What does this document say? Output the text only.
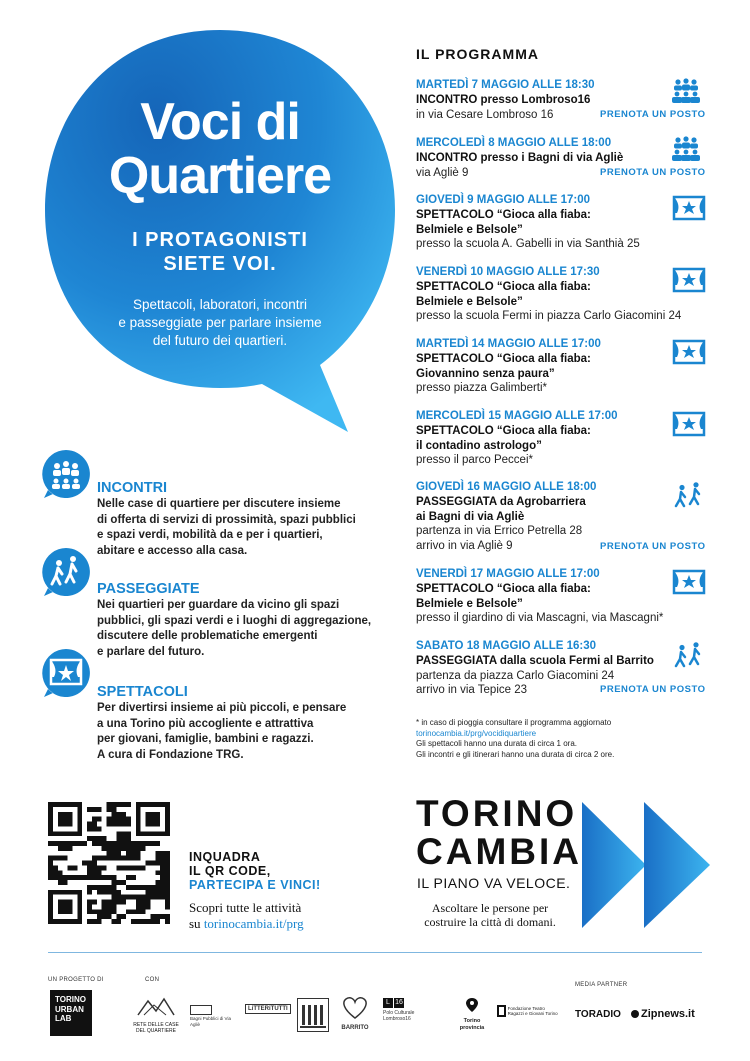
Voci di
Quartiere
I PROTAGONISTI
SIETE VOI.
Spettacoli, laboratori, incontri
e passeggiate per parlare insieme
del futuro dei quartieri.
INCONTRI
Nelle case di quartiere per discutere insieme
di offerta di servizi di prossimità, spazi pubblici
e spazi verdi, mobilità da e per i quartieri,
abitare e accesso alla casa.
PASSEGGIATE
Nei quartieri per guardare da vicino gli spazi
pubblici, gli spazi verdi e i luoghi di aggregazione,
discutere delle problematiche emergenti
e parlare del futuro.
SPETTACOLI
Per divertirsi insieme ai più piccoli, e pensare
a una Torino più accogliente e attrattiva
per giovani, famiglie, bambini e ragazzi.
A cura di Fondazione TRG.
IL PROGRAMMA
MARTEDÌ 7 MAGGIO ALLE 18:30
INCONTRO presso Lombroso16
in via Cesare Lombroso 16
MERCOLEDÌ 8 MAGGIO ALLE 18:00
INCONTRO presso i Bagni di via Agliè
via Agliè 9
GIOVEDÌ 9 MAGGIO ALLE 17:00
SPETTACOLO “Gioca alla fiaba:
Belmiele e Belsole”
presso la scuola A. Gabelli in via Santhià 25
VENERDÌ 10 MAGGIO ALLE 17:30
SPETTACOLO “Gioca alla fiaba:
Belmiele e Belsole”
presso la scuola Fermi in piazza Carlo Giacomini 24
MARTEDÌ 14 MAGGIO ALLE 17:00
SPETTACOLO “Gioca alla fiaba:
Giovannino senza paura”
presso piazza Galimberti*
MERCOLEDÌ 15 MAGGIO ALLE 17:00
SPETTACOLO “Gioca alla fiaba:
il contadino astrologo”
presso il parco Peccei*
GIOVEDÌ 16 MAGGIO ALLE 18:00
PASSEGGIATA da Agrobarriera
ai Bagni di via Agliè
partenza in via Errico Petrella 28
arrivo in via Agliè 9
VENERDÌ 17 MAGGIO ALLE 17:00
SPETTACOLO “Gioca alla fiaba:
Belmiele e Belsole”
presso il giardino di via Mascagni, via Mascagni*
SABATO 18 MAGGIO ALLE 16:30
PASSEGGIATA dalla scuola Fermi al Barrito
partenza da piazza Carlo Giacomini 24
arrivo in via Tepice 23
PRENOTA UN POSTO
PRENOTA UN POSTO
PRENOTA UN POSTO
PRENOTA UN POSTO
* in caso di pioggia consultare il programma aggiornato
torinocambia.it/prg/vocidiquartiere
Gli spettacoli hanno una durata di circa 1 ora.
Gli incontri e gli itinerari hanno una durata di circa 2 ore.
INQUADRA
IL QR CODE,
PARTECIPA E VINCI!
Scopri tutte le attività
su torinocambia.it/prg
TORINO
CAMBIA
IL PIANO VA VELOCE.
Ascoltare le persone per
costruire la città di domani.
UN PROGETTO DI	CON
MEDIA PARTNER
TORINO
URBAN
LAB
RETE DELLE CASE DEL QUARTIERE
Bagni Pubblici di Via Agliè
LiTTERiTUTTI
BARRITO
L 16
Polo Culturale Lombroso16	Torino provincia
Fondazione Teatro Ragazzi e Giovani Torino TORADIO Zipnews.it
